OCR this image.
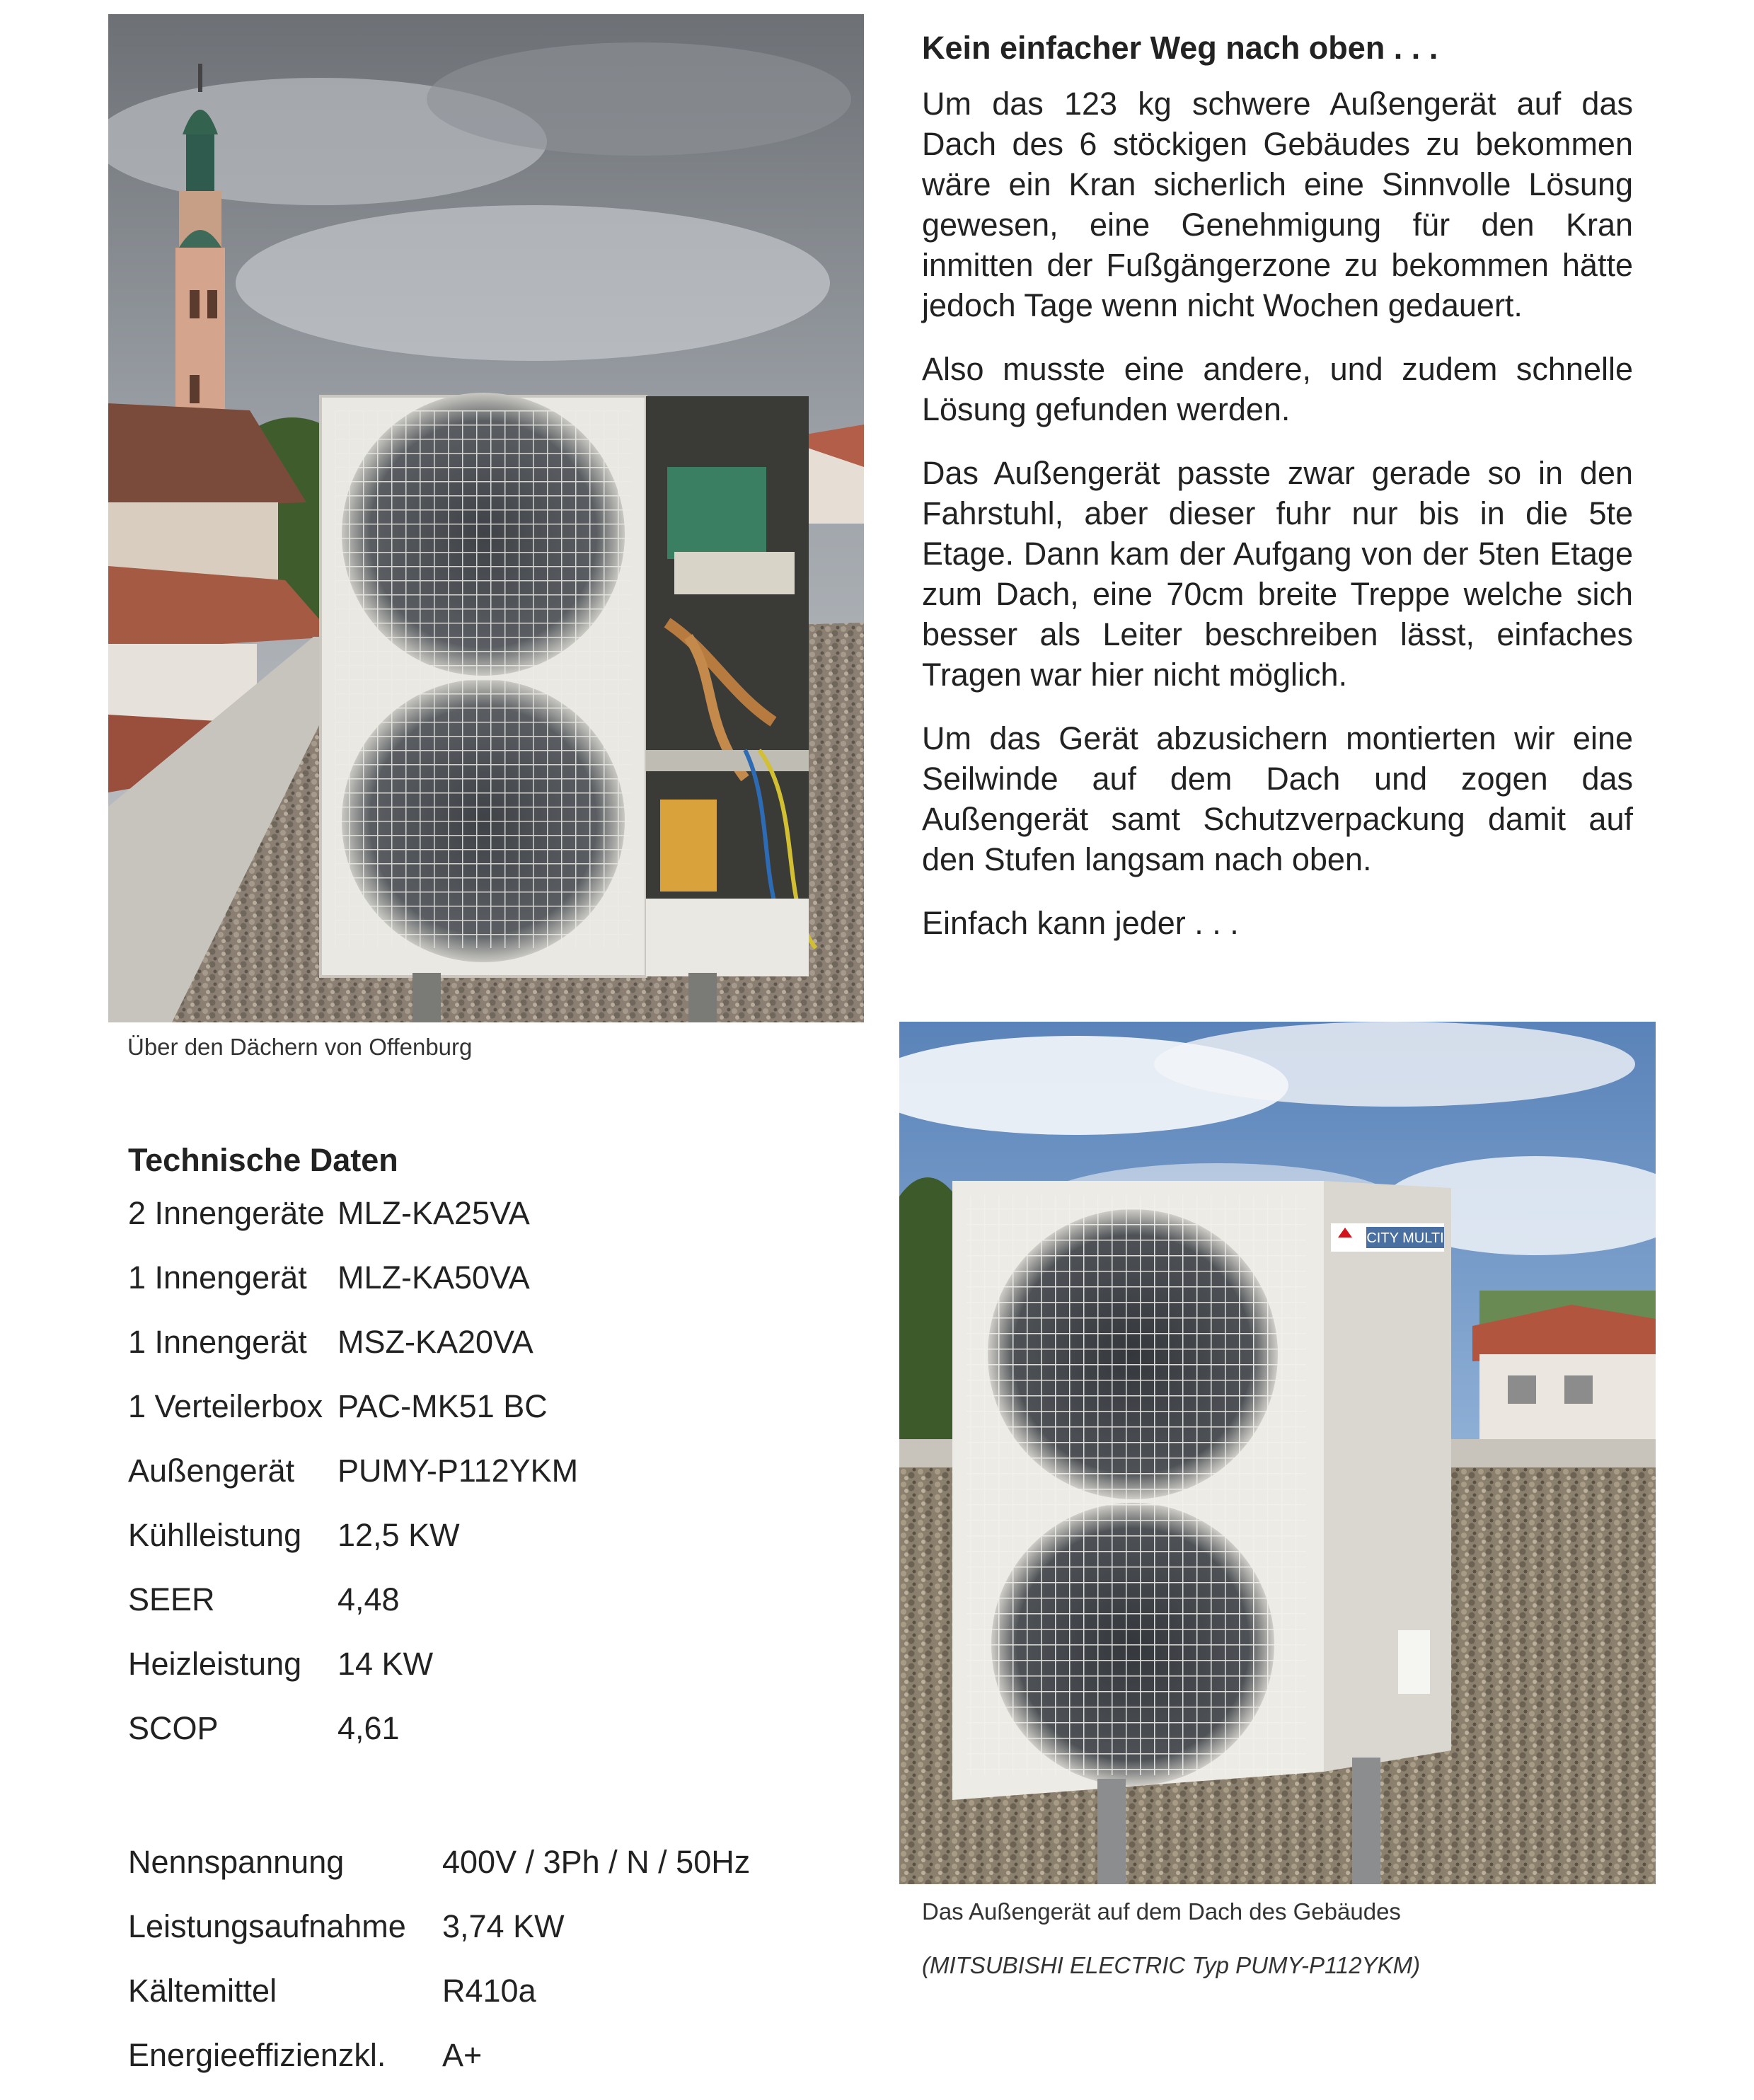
Über den Dächern von Offenburg
Kein einfacher Weg nach oben . . .

Um das 123 kg schwere Außengerät auf das Dach des 6 stöckigen Gebäudes zu bekommen wäre ein Kran sicherlich eine Sinnvolle Lösung gewesen, eine Genehmigung für den Kran inmitten der Fußgängerzone zu bekommen hätte jedoch Tage wenn nicht Wochen gedauert.

Also musste eine andere, und zudem schnelle Lösung gefunden werden.

Das Außengerät passte zwar gerade so in den Fahrstuhl, aber dieser fuhr nur bis in die 5te Etage. Dann kam der Aufgang von der 5ten Etage zum Dach, eine 70cm breite Treppe welche sich besser als Leiter beschreiben lässt, einfaches Tragen war hier nicht möglich.

Um das Gerät abzusichern montierten wir eine Seilwinde auf dem Dach und zogen das Außengerät samt Schutzverpackung damit auf den Stufen langsam nach oben.

Einfach kann jeder . . .

CITY MULTI
Das Außengerät auf dem Dach des Gebäudes
(MITSUBISHI ELECTRIC Typ PUMY-P112YKM)
Technische Daten
2 Innengeräte MLZ-KA25VA
1 Innengerät MLZ-KA50VA
1 Innengerät MSZ-KA20VA
1 Verteilerbox PAC-MK51 BC
Außengerät	PUMY-P112YKM
Kühlleistung	12,5 KW
SEER	4,48
Heizleistung	14 KW
SCOP	4,61
Nennspannung	400V / 3Ph / N / 50Hz
Leistungsaufnahme	3,74 KW
Kältemittel	R410a
Energieeffizienzkl.	A+
